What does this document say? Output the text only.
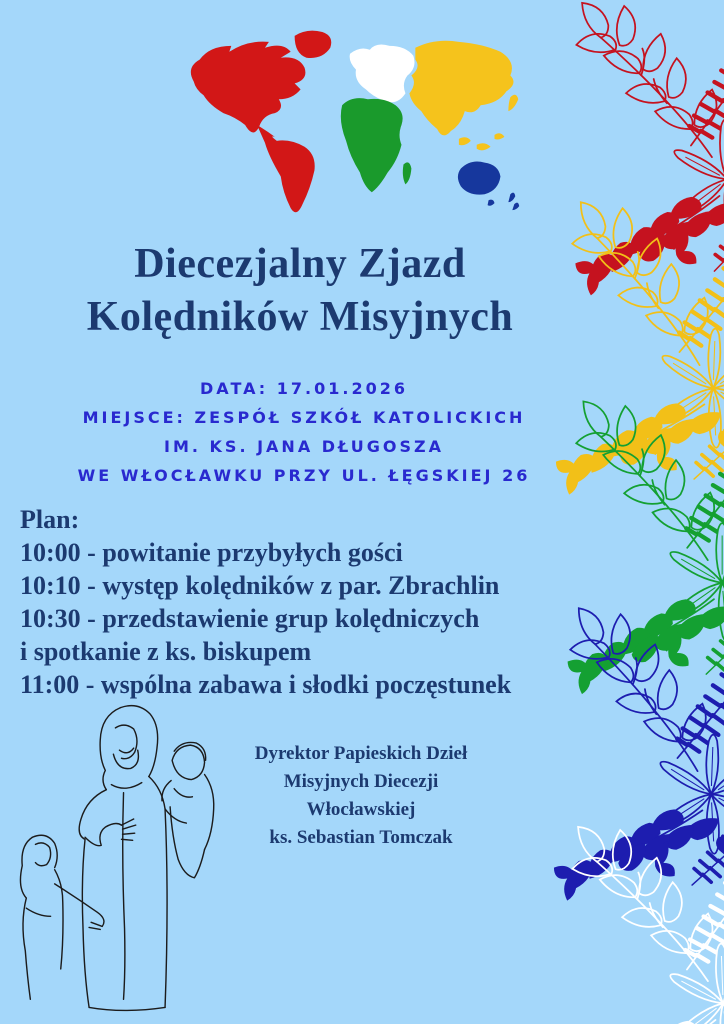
Diecezjalny Zjazd
Kolędników Misyjnych
DATA: 17.01.2026
MIEJSCE: ZESPÓŁ SZKÓŁ KATOLICKICH
IM. KS. JANA DŁUGOSZA
WE WŁOCŁAWKU PRZY UL. ŁĘGSKIEJ 26
Plan:
10:00 - powitanie przybyłych gości
10:10 - występ kolędników z par. Zbrachlin
10:30 - przedstawienie grup kolędniczych
i spotkanie z ks. biskupem
11:00 - wspólna zabawa i słodki poczęstunek
Dyrektor Papieskich Dzieł
Misyjnych Diecezji
Włocławskiej
ks. Sebastian Tomczak
